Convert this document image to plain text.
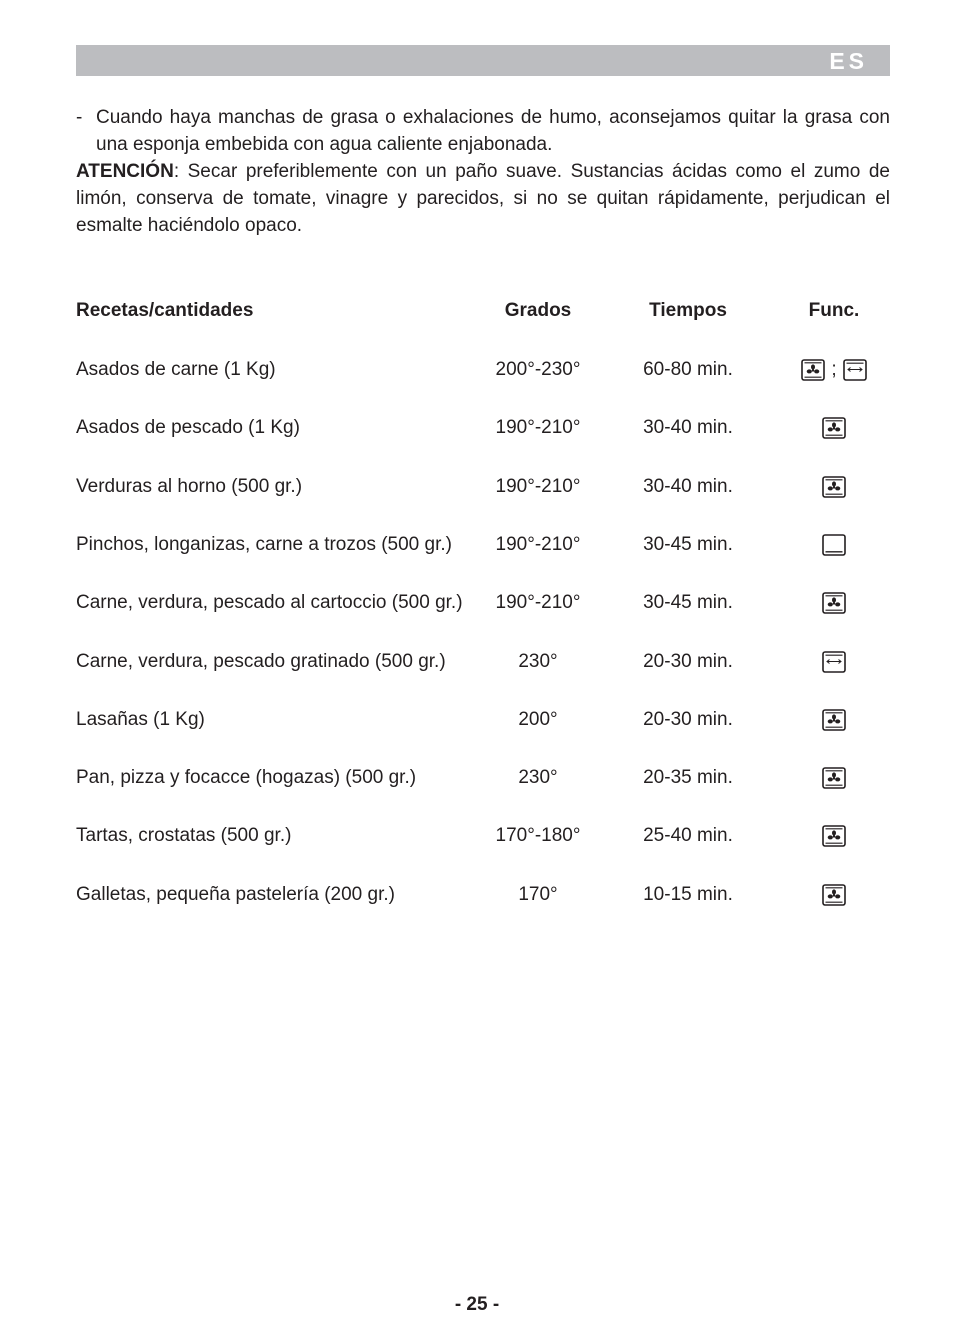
ES
- Cuando haya manchas de grasa o exhalaciones de humo, aconsejamos quitar la grasa con una esponja embebida con agua caliente enjabonada.
ATENCIÓN: Secar preferiblemente con un paño suave. Sustancias ácidas como el zumo de limón, conserva de tomate, vinagre y parecidos, si no se quitan rápidamente, perjudican el esmalte haciéndolo opaco.
Recetas/cantidades	Grados	Tiempos	Func.
Asados de carne (1 Kg)	200°-230°	60-80 min.	;
Asados de pescado (1 Kg)	190°-210°	30-40 min.
Verduras al horno (500 gr.)	190°-210°	30-40 min.
Pinchos, longanizas, carne a trozos (500 gr.)	190°-210°	30-45 min.
Carne, verdura, pescado al cartoccio (500 gr.)	190°-210°	30-45 min.
Carne, verdura, pescado gratinado (500 gr.)	230°	20-30 min.
Lasañas (1 Kg)	200°	20-30 min.
Pan, pizza y focacce (hogazas) (500 gr.)	230°	20-35 min.
Tartas, crostatas (500 gr.)	170°-180°	25-40 min.
Galletas, pequeña pastelería (200 gr.)	170°	10-15 min.
- 25 -
